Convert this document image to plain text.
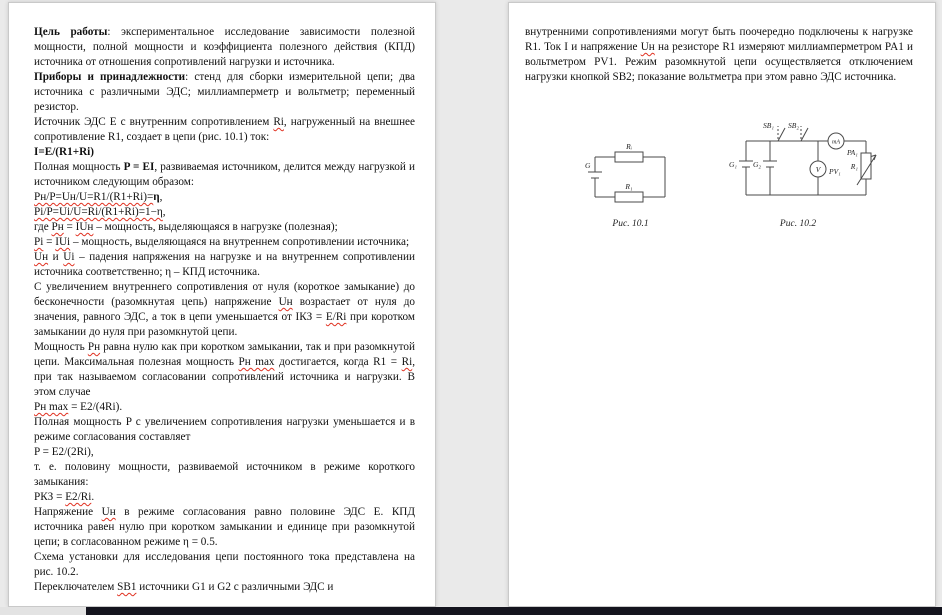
Цель работы: экспериментальное исследование зависимости полезной мощности, полной мощности и коэффициента полезного действия (КПД) источника от отношения сопротивлений нагрузки и источника.
Приборы и принадлежности: стенд для сборки измерительной цепи; два источника с различными ЭДС; миллиамперметр и вольтметр; переменный резистор.
Источник ЭДС E с внутренним сопротивлением Ri, нагруженный на внешнее сопротивление R1, создает в цепи (рис. 10.1) ток:
I=E/(R1+Ri)
Полная мощность P = EI, развиваемая источником, делится между нагрузкой и источником следующим образом:
Pн/P=Uн/U=R1/(R1+Ri)=η,
Pi/P=Ui/U=Ri/(R1+Ri)=1−η,
где Pн = IUн – мощность, выделяющаяся в нагрузке (полезная);
Pi = IUi – мощность, выделяющаяся на внутреннем сопротивлении источника;
Uн и Ui – падения напряжения на нагрузке и на внутреннем сопротивлении источника соответственно; η – КПД источника.
С увеличением внутреннего сопротивления от нуля (короткое замыкание) до бесконечности (разомкнутая цепь) напряжение Uн возрастает от нуля до значения, равного ЭДС, а ток в цепи уменьшается от IКЗ = E/Ri при коротком замыкании до нуля при разомкнутой цепи.
Мощность Pн равна нулю как при коротком замыкании, так и при разомкнутой цепи. Максимальная полезная мощность Pн max достигается, когда R1 = Ri, при так называемом согласовании сопротивлений источника и нагрузки. В этом случае
Pн max = E2/(4Ri).
Полная мощность P с увеличением сопротивления нагрузки уменьшается и в режиме согласования составляет
P = E2/(2Ri),
т. е. половину мощности, развиваемой источником в режиме короткого замыкания:
PКЗ = E2/Ri.
Напряжение Uн в режиме согласования равно половине ЭДС E. КПД источника равен нулю при коротком замыкании и единице при разомкнутой цепи; в согласованном режиме η = 0.5.
Схема установки для исследования цепи постоянного тока представлена на рис. 10.2.
Переключателем SB1 источники G1 и G2 с различными ЭДС и
внутренними сопротивлениями могут быть поочередно подключены к нагрузке R1. Ток I и напряжение Uн на резисторе R1 измеряют миллиамперметром PA1 и вольтметром PV1. Режим разомкнутой цепи осуществляется отключением нагрузки кнопкой SB2; показание вольтметра при этом равно ЭДС источника.
Rᵢ
R₁
G
Рис. 10.1
SB₁ SB₂
mA
PA₁
V PV₁
G₁ G₂	R₁
Рис. 10.2
